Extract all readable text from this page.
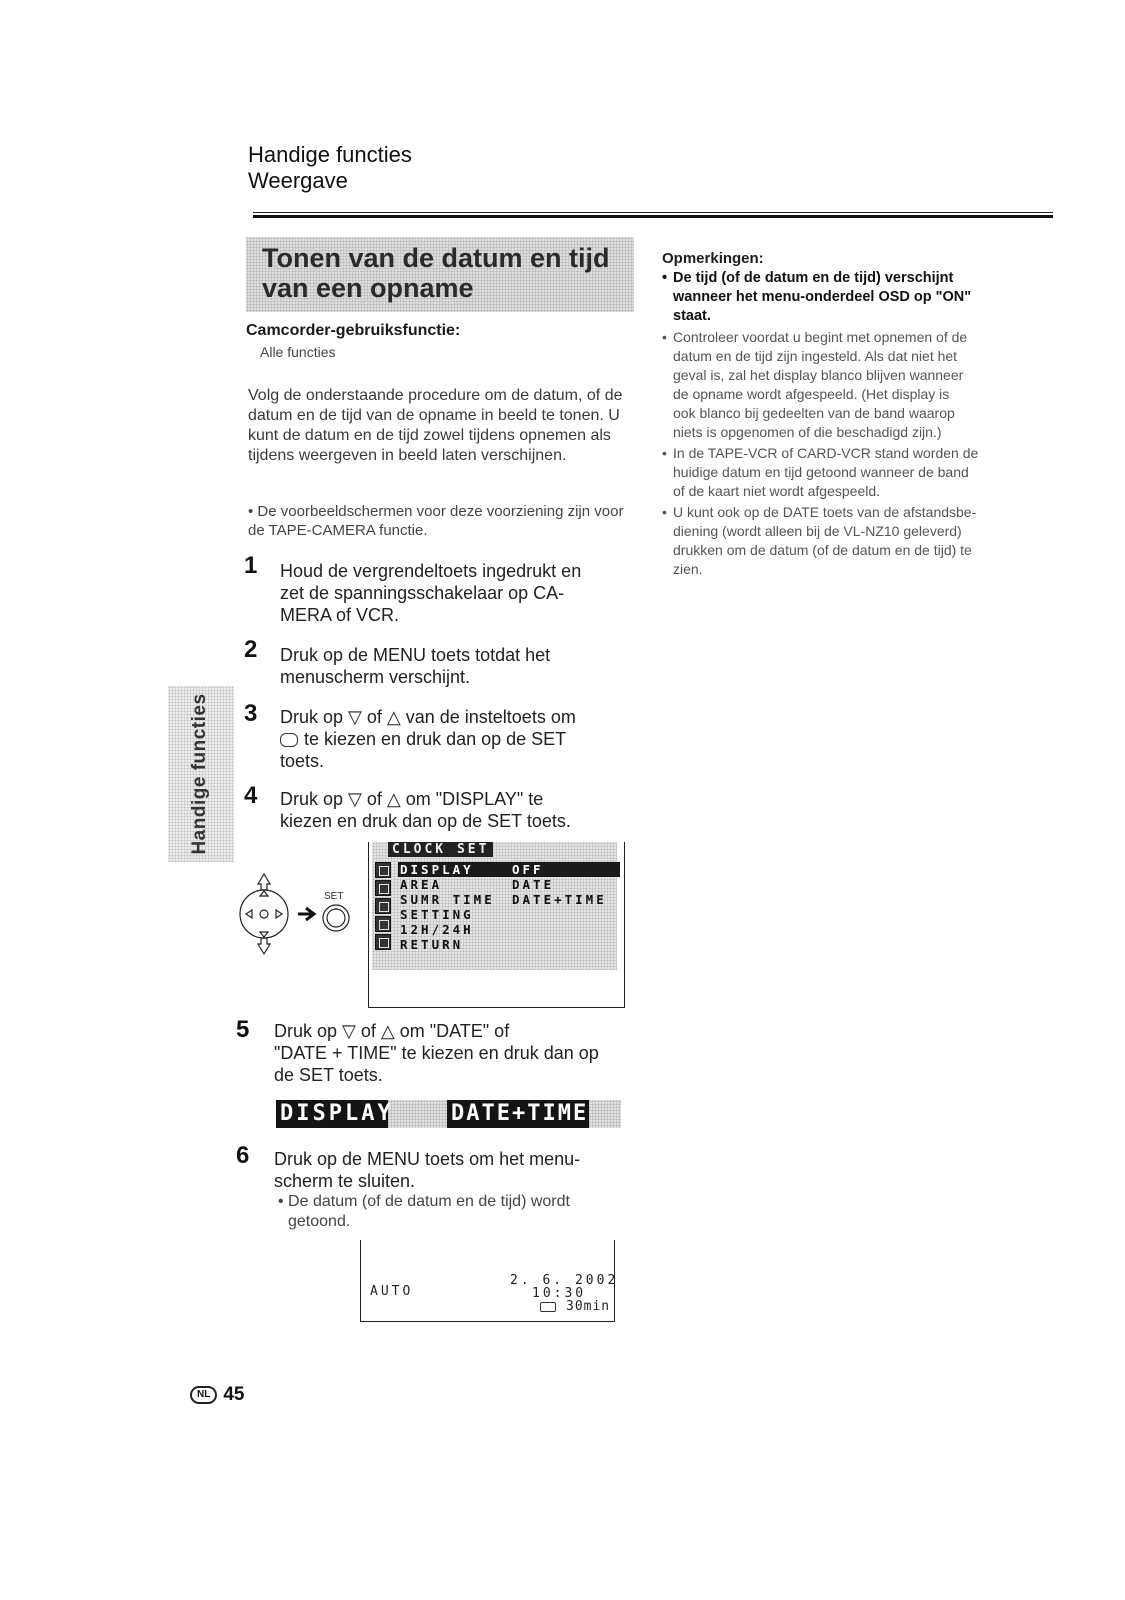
Handige functies
Weergave
Tonen van de datum en tijd
van een opname
Camcorder-gebruiksfunctie:
Alle functies
Volg de onderstaande procedure om de datum, of de datum en de tijd van de opname in beeld te tonen. U kunt de datum en de tijd zowel tijdens opnemen als tijdens weergeven in beeld laten verschijnen.
• De voorbeeldschermen voor deze voorziening zijn voor de TAPE-CAMERA functie.
Handige functies
1 Houd de vergrendeltoets ingedrukt en
zet de spanningsschakelaar op CA-
MERA of VCR.
2 Druk op de MENU toets totdat het
menuscherm verschijnt.
3 Druk op ▽ of △ van de insteltoets om
te kiezen en druk dan op de SET
toets.
4 Druk op ▽ of △ om "DISPLAY" te
kiezen en druk dan op de SET toets.
SET
CLOCK SET
DISPLAY
AREA
SUMR TIME
SETTING
12H/24H
RETURN
OFF
DATE
DATE+TIME
5 Druk op ▽ of △ om "DATE" of
"DATE + TIME" te kiezen en druk dan op
de SET toets.
DISPLAY	DATE+TIME
6 Druk op de MENU toets om het menu-
scherm te sluiten.
• De datum (of de datum en de tijd) wordt
getoond.
AUTO
2. 6. 2002
10:30
30min
Opmerkingen:
• De tijd (of de datum en de tijd) verschijnt
wanneer het menu-onderdeel OSD op "ON"
staat.
• Controleer voordat u begint met opnemen of de
datum en de tijd zijn ingesteld. Als dat niet het
geval is, zal het display blanco blijven wanneer
de opname wordt afgespeeld. (Het display is
ook blanco bij gedeelten van de band waarop
niets is opgenomen of die beschadigd zijn.)
• In de TAPE-VCR of CARD-VCR stand worden de
huidige datum en tijd getoond wanneer de band
of de kaart niet wordt afgespeeld.
• U kunt ook op de DATE toets van de afstandsbe-
diening (wordt alleen bij de VL-NZ10 geleverd)
drukken om de datum (of de datum en de tijd) te
zien.
NL 45
